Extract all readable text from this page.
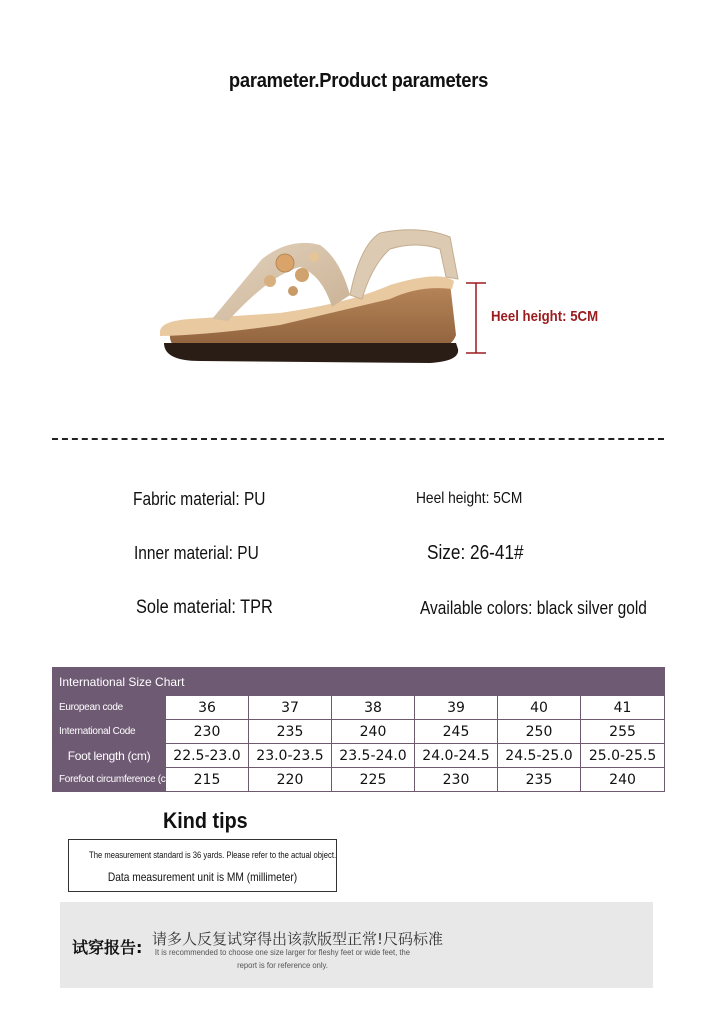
parameter.Product parameters
Heel height: 5CM
Fabric material: PU	Heel height: 5CM
Inner material: PU	Size: 26-41#
Sole material: TPR	Available colors: black silver gold
International Size Chart						
European code	36	37	38	39	40	41
International Code	230	235	240	245	250	255
Foot length (cm)	22.5-23.0	23.0-23.5	23.5-24.0	24.0-24.5	24.5-25.0	25.0-25.5
Forefoot circumference (cm)	215	220	225	230	235	240
Kind tips
The measurement standard is 36 yards. Please refer to the actual object.
Data measurement unit is MM (millimeter)
试穿报告: 请多人反复试穿得出该款版型正常!尺码标准
It is recommended to choose one size larger for fleshy feet or wide feet, the report is for reference only.
